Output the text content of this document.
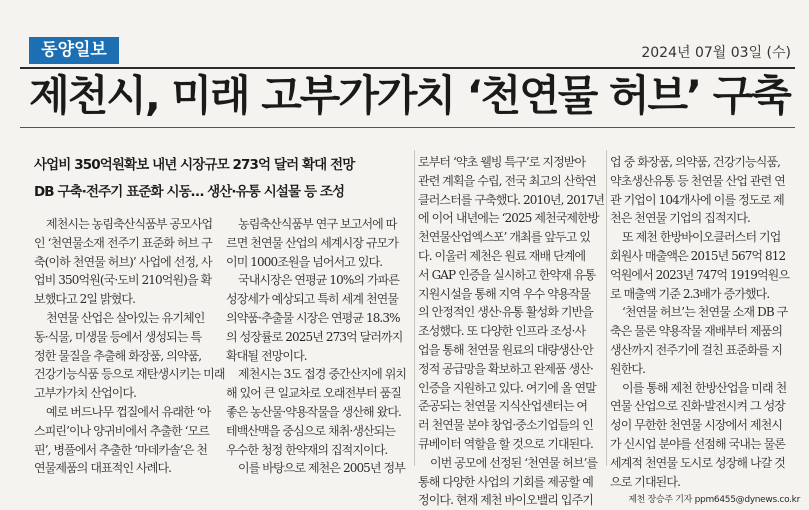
동양일보	2024년 07월 03일 (수)
제천시, 미래 고부가가치 ‘천연물 허브’ 구축
사업비 350억원확보 내년 시장규모 273억 달러 확대 전망
DB 구축·전주기 표준화 시동… 생산·유통 시설물 등 조성

제천시는 농림축산식품부 공모사업

인 ‘천연물소재 전주기 표준화 허브 구

축(이하 천연물 허브)’ 사업에 선정, 사

업비 350억원(국·도비 210억원)을 확

보했다고 2일 밝혔다.

천연물 산업은 살아있는 유기체인

동·식물, 미생물 등에서 생성되는 특

정한 물질을 추출해 화장품, 의약품,

건강기능식품 등으로 재탄생시키는 미래

고부가가치 산업이다.

예로 버드나무 껍질에서 유래한 ‘아

스피린’이나 양귀비에서 추출한 ‘모르

핀’, 병풀에서 추출한 ‘마데카솔’은 천

연물제품의 대표적인 사례다.

농림축산식품부 연구 보고서에 따

르면 천연물 산업의 세계시장 규모가

이미 1000조원을 넘어서고 있다.

국내시장은 연평균 10%의 가파른

성장세가 예상되고 특히 세계 천연물

의약품·추출물 시장은 연평균 18.3%

의 성장률로 2025년 273억 달러까지

확대될 전망이다.

제천시는 3도 접경 중간산지에 위치

해 있어 큰 일교차로 오래전부터 품질

좋은 농산물·약용작물을 생산해 왔다.

테백산맥을 중심으로 채취·생산되는

우수한 청정 한약재의 집적지이다.

이를 바탕으로 제천은 2005년 정부

로부터 ‘약초 웰빙 특구’로 지정받아

관련 계획을 수립, 전국 최고의 산학연

클러스터를 구축했다. 2010년, 2017년

에 이어 내년에는 ‘2025 제천국제한방

천연물산업엑스포’ 개최를 앞두고 있

다. 이울러 제천은 원료 재배 단계에

서 GAP 인증을 실시하고 한약재 유통

지원시설을 통해 지역 우수 약용작물

의 안정적인 생산·유통 활성화 기반을

조성했다. 또 다양한 인프라 조성·사

업을 통해 천연물 원료의 대량생산·안

정적 공급망을 확보하고 완제품 생산·

인증을 지원하고 있다. 여기에 올 연말

준공되는 천연물 지식산업센터는 여

러 천연물 분야 창업·중소기업들의 인

큐베이터 역할을 할 것으로 기대된다.

이번 공모에 선정된 ‘천연물 허브’를

통해 다양한 사업의 기회를 제공할 예

정이다. 현재 제천 바이오밸리 입주기

업 중 화장품, 의약품, 건강기능식품,

약초생산유통 등 천연물 산업 관련 연

관 기업이 104개사에 이를 정도로 제

천은 천연물 기업의 집적지다.

또 제천 한방바이오클러스터 기업

회원사 매출액은 2015년 567억 812

억원에서 2023년 747억 1919억원으

로 매출액 기준 2.3배가 증가했다.

‘천연물 허브’는 천연물 소재 DB 구

축은 물론 약용작물 재배부터 제품의

생산까지 전주기에 걸친 표준화를 지

원한다.

이를 통해 제천 한방산업을 미래 천

연물 산업으로 진화·발전시켜 그 성장

성이 무한한 천연물 시장에서 제천시

가 신시업 분야를 선점해 국내는 물론

세계적 천연물 도시로 성장해 나갈 것

으로 기대된다.

제천 장승주 기자 ppm6455@dynews.co.kr
